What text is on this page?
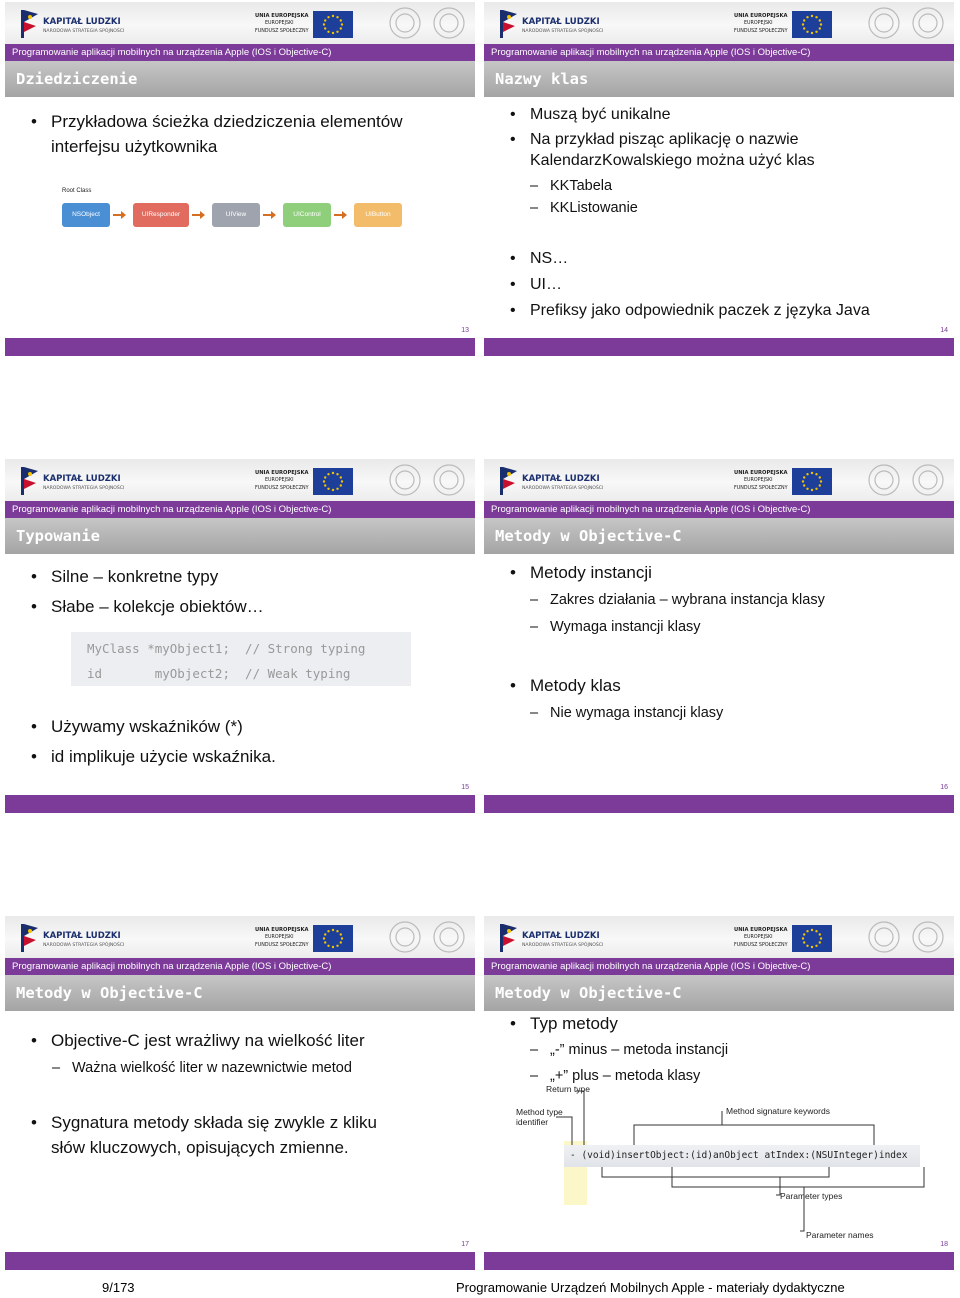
KAPITAŁ LUDZKI
NARODOWA STRATEGIA SPÓJNOŚCI
UNIA EUROPEJSKA
EUROPEJSKI
FUNDUSZ SPOŁECZNY
Programowanie aplikacji mobilnych na urządzenia Apple (IOS i Objective-C)
Dziedziczenie
• Przykładowa ścieżka dziedziczenia elementów
interfejsu użytkownika
Root Class
NSObject	UIResponder	UIView	UIControl	UIButton
13
KAPITAŁ LUDZKI
NARODOWA STRATEGIA SPÓJNOŚCI
UNIA EUROPEJSKA
EUROPEJSKI
FUNDUSZ SPOŁECZNY
Programowanie aplikacji mobilnych na urządzenia Apple (IOS i Objective-C)
Nazwy klas
• Muszą być unikalne
• Na przykład pisząc aplikację o nazwie
KalendarzKowalskiego można użyć klas
– KKTabela
– KKListowanie
• NS…
• UI…
• Prefiksy jako odpowiednik paczek z języka Java
14
KAPITAŁ LUDZKI
NARODOWA STRATEGIA SPÓJNOŚCI
UNIA EUROPEJSKA
EUROPEJSKI
FUNDUSZ SPOŁECZNY
Programowanie aplikacji mobilnych na urządzenia Apple (IOS i Objective-C)
Typowanie
• Silne – konkretne typy
• Słabe – kolekcje obiektów…
MyClass *myObject1;  // Strong typing
id       myObject2;  // Weak typing
• Używamy wskaźników (*)
• id implikuje użycie wskaźnika.
15
KAPITAŁ LUDZKI
NARODOWA STRATEGIA SPÓJNOŚCI
UNIA EUROPEJSKA
EUROPEJSKI
FUNDUSZ SPOŁECZNY
Programowanie aplikacji mobilnych na urządzenia Apple (IOS i Objective-C)
Metody w Objective-C
• Metody instancji
– Zakres działania – wybrana instancja klasy
– Wymaga instancji klasy
• Metody klas
– Nie wymaga instancji klasy
16
KAPITAŁ LUDZKI
NARODOWA STRATEGIA SPÓJNOŚCI
UNIA EUROPEJSKA
EUROPEJSKI
FUNDUSZ SPOŁECZNY
Programowanie aplikacji mobilnych na urządzenia Apple (IOS i Objective-C)
Metody w Objective-C
• Objective-C jest wrażliwy na wielkość liter
– Ważna wielkość liter w nazewnictwie metod
• Sygnatura metody składa się zwykle z kliku
słów kluczowych, opisujących zmienne.
17
KAPITAŁ LUDZKI
NARODOWA STRATEGIA SPÓJNOŚCI
UNIA EUROPEJSKA
EUROPEJSKI
FUNDUSZ SPOŁECZNY
Programowanie aplikacji mobilnych na urządzenia Apple (IOS i Objective-C)
Metody w Objective-C
• Typ metody
– „-” minus – metoda instancji
– „+” plus – metoda klasy
Return type
Method type
identifier
Method signature keywords
- (void)insertObject:(id)anObject atIndex:(NSUInteger)index
Parameter types
Parameter names
18
9/173	Programowanie Urządzeń Mobilnych Apple - materiały dydaktyczne
